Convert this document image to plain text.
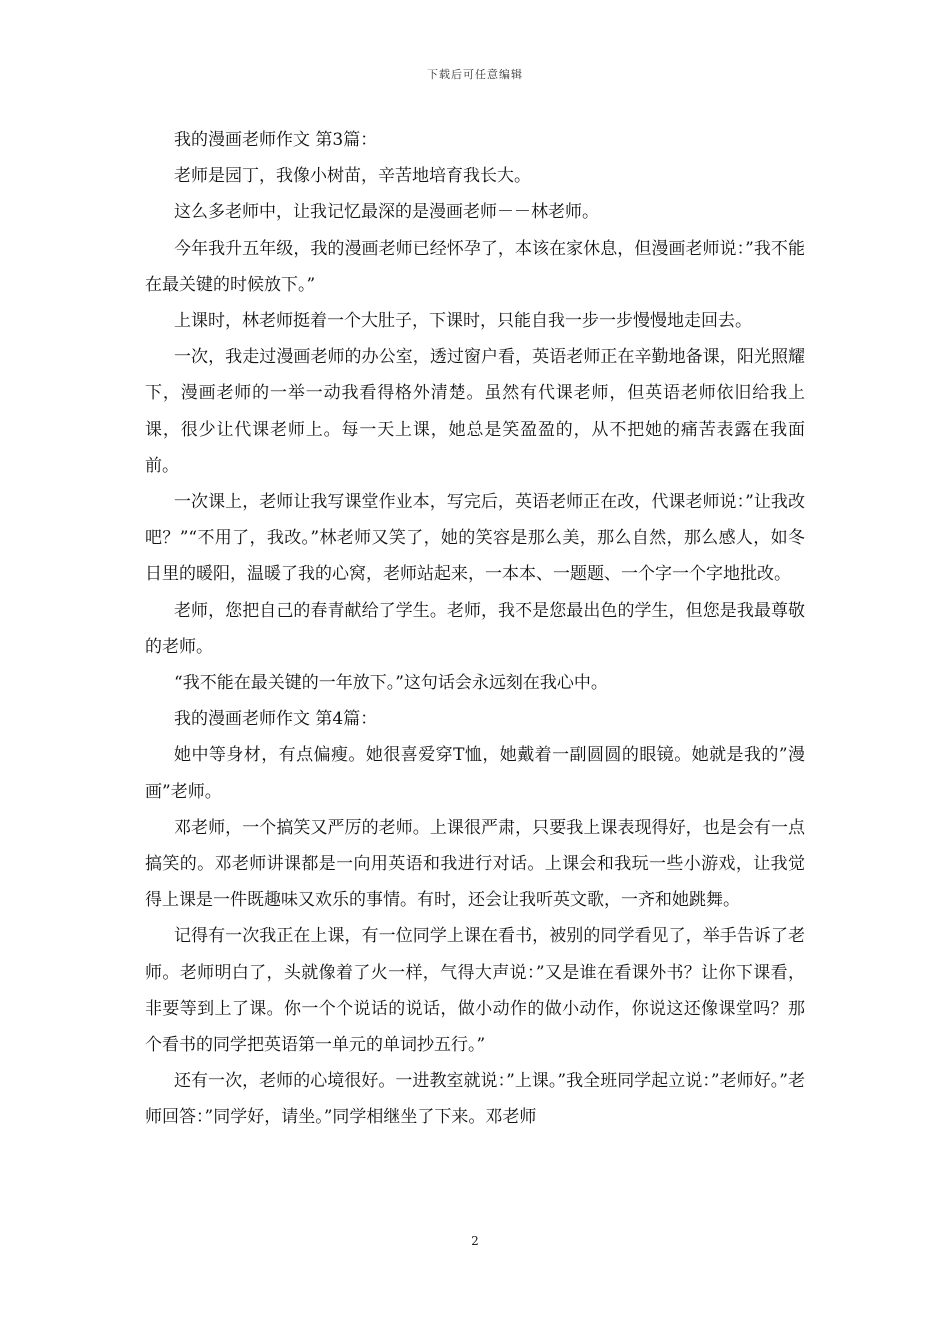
下载后可任意编辑

我的漫画老师作文 第3篇：

老师是园丁，我像小树苗，辛苦地培育我长大。

这么多老师中，让我记忆最深的是漫画老师－－林老师。

今年我升五年级，我的漫画老师已经怀孕了，本该在家休息，但漫画老师说：”我不能在最关键的时候放下。”

上课时，林老师挺着一个大肚子，下课时，只能自我一步一步慢慢地走回去。

一次，我走过漫画老师的办公室，透过窗户看，英语老师正在辛勤地备课，阳光照耀下，漫画老师的一举一动我看得格外清楚。虽然有代课老师，但英语老师依旧给我上课，很少让代课老师上。每一天上课，她总是笑盈盈的，从不把她的痛苦表露在我面前。

一次课上，老师让我写课堂作业本，写完后，英语老师正在改，代课老师说：”让我改吧？”“不用了，我改。”林老师又笑了，她的笑容是那么美，那么自然，那么感人，如冬日里的暖阳，温暖了我的心窝，老师站起来，一本本、一题题、一个字一个字地批改。

老师，您把自己的春青献给了学生。老师，我不是您最出色的学生，但您是我最尊敬的老师。

“我不能在最关键的一年放下。”这句话会永远刻在我心中。

我的漫画老师作文 第4篇：

她中等身材，有点偏瘦。她很喜爱穿T恤，她戴着一副圆圆的眼镜。她就是我的”漫画”老师。

邓老师，一个搞笑又严厉的老师。上课很严肃，只要我上课表现得好，也是会有一点搞笑的。邓老师讲课都是一向用英语和我进行对话。上课会和我玩一些小游戏，让我觉得上课是一件既趣味又欢乐的事情。有时，还会让我听英文歌，一齐和她跳舞。

记得有一次我正在上课，有一位同学上课在看书，被别的同学看见了，举手告诉了老师。老师明白了，头就像着了火一样，气得大声说：”又是谁在看课外书？让你下课看，非要等到上了课。你一个个说话的说话，做小动作的做小动作，你说这还像课堂吗？那个看书的同学把英语第一单元的单词抄五行。”

还有一次，老师的心境很好。一进教室就说：”上课。”我全班同学起立说：”老师好。”老师回答：”同学好，请坐。”同学相继坐了下来。邓老师

2
